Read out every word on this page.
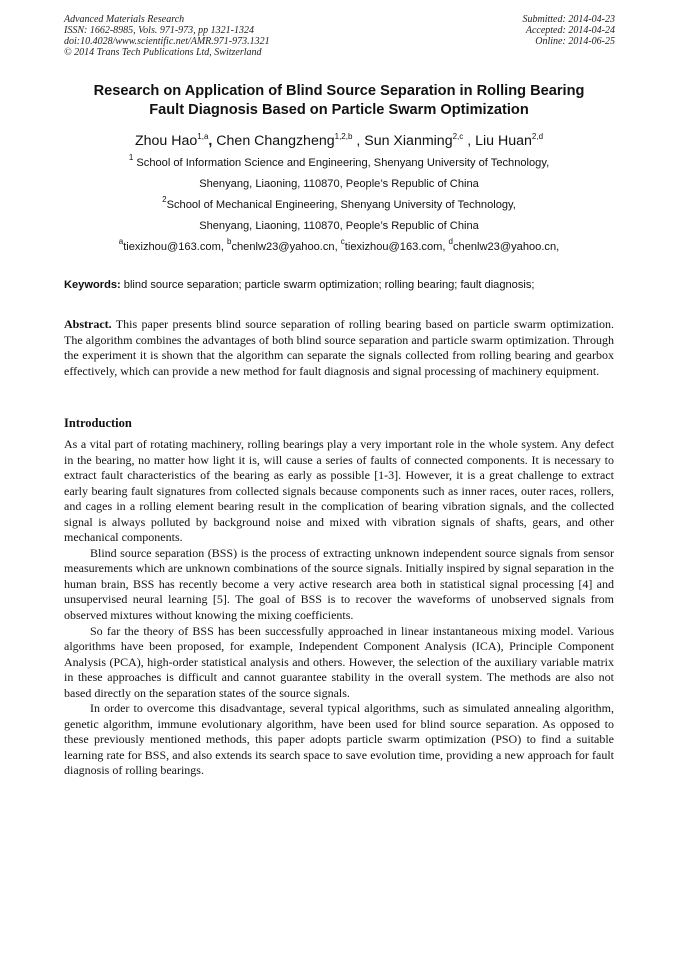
Advanced Materials Research
ISSN: 1662-8985, Vols. 971-973, pp 1321-1324
doi:10.4028/www.scientific.net/AMR.971-973.1321
© 2014 Trans Tech Publications Ltd, Switzerland
Submitted: 2014-04-23
Accepted: 2014-04-24
Online: 2014-06-25
Research on Application of Blind Source Separation in Rolling Bearing
Fault Diagnosis Based on Particle Swarm Optimization
Zhou Hao$^{1,a}$, Chen Changzheng$^{1,2,b}$ , Sun Xianming$^{2,c}$ , Liu Huan$^{2,d}$
$^1$ School of Information Science and Engineering, Shenyang University of Technology,
Shenyang, Liaoning, 110870, People’s Republic of China
$^2$School of Mechanical Engineering, Shenyang University of Technology,
Shenyang, Liaoning, 110870, People’s Republic of China
$^a$tiexizhou@163.com, $^b$chenlw23@yahoo.cn, $^c$tiexizhou@163.com, $^d$chenlw23@yahoo.cn,
Keywords: blind source separation; particle swarm optimization; rolling bearing; fault diagnosis;
Abstract. This paper presents blind source separation of rolling bearing based on particle swarm optimization. The algorithm combines the advantages of both blind source separation and particle swarm optimization. Through the experiment it is shown that the algorithm can separate the signals collected from rolling bearing and gearbox effectively, which can provide a new method for fault diagnosis and signal processing of machinery equipment.
Introduction

As a vital part of rotating machinery, rolling bearings play a very important role in the whole system. Any defect in the bearing, no matter how light it is, will cause a series of faults of connected components. It is necessary to extract fault characteristics of the bearing as early as possible [1-3]. However, it is a great challenge to extract early bearing fault signatures from collected signals because components such as inner races, outer races, rollers, and cages in a rolling element bearing result in the complication of bearing vibration signals, and the collected signal is always polluted by background noise and mixed with vibration signals of shafts, gears, and other mechanical components.

Blind source separation (BSS) is the process of extracting unknown independent source signals from sensor measurements which are unknown combinations of the source signals. Initially inspired by signal separation in the human brain, BSS has recently become a very active research area both in statistical signal processing [4] and unsupervised neural learning [5]. The goal of BSS is to recover the waveforms of unobserved signals from observed mixtures without knowing the mixing coefficients.

So far the theory of BSS has been successfully approached in linear instantaneous mixing model. Various algorithms have been proposed, for example, Independent Component Analysis (ICA), Principle Component Analysis (PCA), high-order statistical analysis and others. However, the selection of the auxiliary variable matrix in these approaches is difficult and cannot guarantee stability in the overall system. The methods are also not based directly on the separation states of the source signals.

In order to overcome this disadvantage, several typical algorithms, such as simulated annealing algorithm, genetic algorithm, immune evolutionary algorithm, have been used for blind source separation. As opposed to these previously mentioned methods, this paper adopts particle swarm optimization (PSO) to find a suitable learning rate for BSS, and also extends its search space to save evolution time, providing a new approach for fault diagnosis of rolling bearings.
